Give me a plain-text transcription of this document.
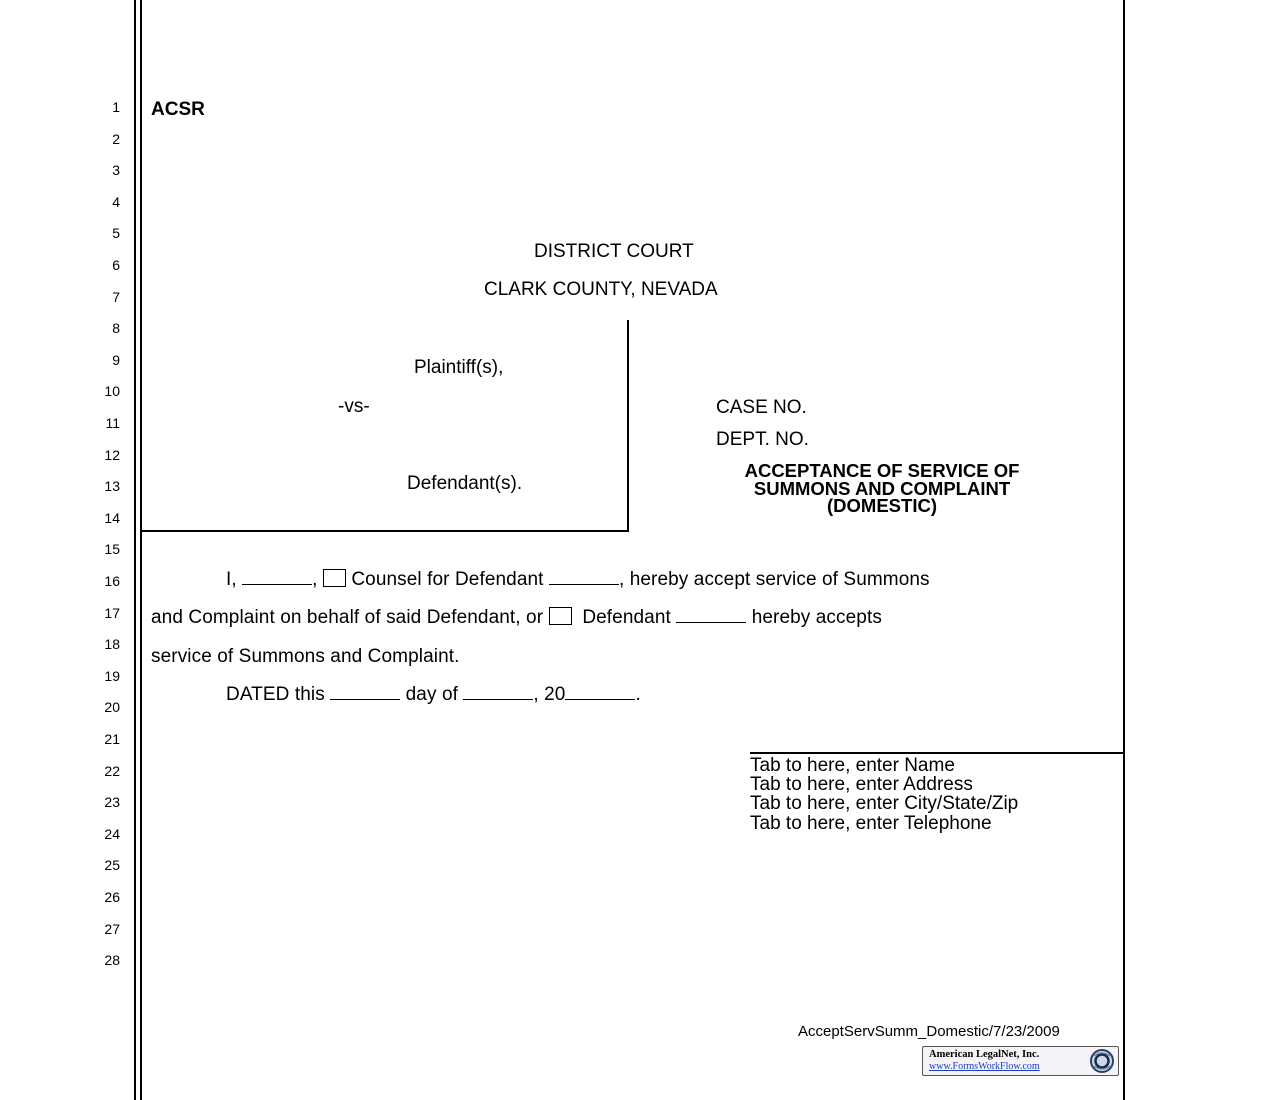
1
2
3
4
5
6
7
8
9
10
11
12
13
14
15
16
17
18
19
20
21
22
23
24
25
26
27
28
ACSR
DISTRICT COURT
CLARK COUNTY, NEVADA
Plaintiff(s),
-vs-
Defendant(s).
CASE NO.
DEPT. NO.
ACCEPTANCE OF SERVICE OF
SUMMONS AND COMPLAINT
(DOMESTIC)
I,	, Counsel for Defendant	, hereby accept service of Summons
and Complaint on behalf of said Defendant, or Defendant	hereby accepts
service of Summons and Complaint.
DATED this	day of	, 20	.
Tab to here, enter Name
Tab to here, enter Address
Tab to here, enter City/State/Zip
Tab to here, enter Telephone
AcceptServSumm_Domestic/7/23/2009
American LegalNet, Inc.
www.FormsWorkFlow.com
